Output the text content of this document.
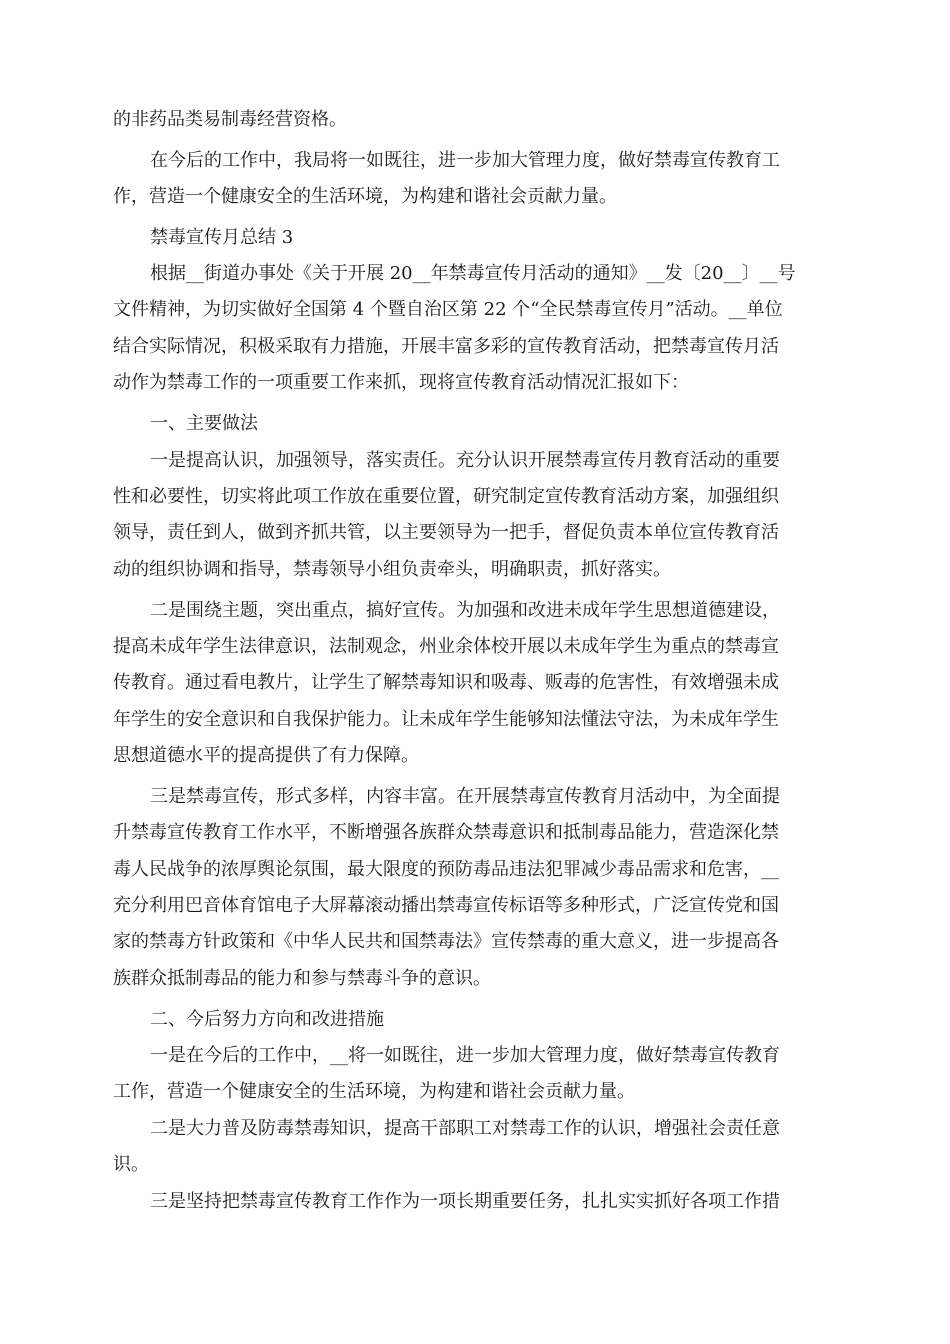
的非药品类易制毒经营资格。
在今后的工作中，我局将一如既往，进一步加大管理力度，做好禁毒宣传教育工
作，营造一个健康安全的生活环境，为构建和谐社会贡献力量。
禁毒宣传月总结 3
根据__街道办事处《关于开展 20__年禁毒宣传月活动的通知》__发〔20__〕__号
文件精神，为切实做好全国第 4 个暨自治区第 22 个“全民禁毒宣传月”活动。__单位
结合实际情况，积极采取有力措施，开展丰富多彩的宣传教育活动，把禁毒宣传月活
动作为禁毒工作的一项重要工作来抓，现将宣传教育活动情况汇报如下：
一、主要做法
一是提高认识，加强领导，落实责任。充分认识开展禁毒宣传月教育活动的重要
性和必要性，切实将此项工作放在重要位置，研究制定宣传教育活动方案，加强组织
领导，责任到人，做到齐抓共管，以主要领导为一把手，督促负责本单位宣传教育活
动的组织协调和指导，禁毒领导小组负责牵头，明确职责，抓好落实。
二是围绕主题，突出重点，搞好宣传。为加强和改进未成年学生思想道德建设，
提高未成年学生法律意识，法制观念，州业余体校开展以未成年学生为重点的禁毒宣
传教育。通过看电教片，让学生了解禁毒知识和吸毒、贩毒的危害性，有效增强未成
年学生的安全意识和自我保护能力。让未成年学生能够知法懂法守法，为未成年学生
思想道德水平的提高提供了有力保障。
三是禁毒宣传，形式多样，内容丰富。在开展禁毒宣传教育月活动中，为全面提
升禁毒宣传教育工作水平，不断增强各族群众禁毒意识和抵制毒品能力，营造深化禁
毒人民战争的浓厚舆论氛围，最大限度的预防毒品违法犯罪减少毒品需求和危害，__
充分利用巴音体育馆电子大屏幕滚动播出禁毒宣传标语等多种形式，广泛宣传党和国
家的禁毒方针政策和《中华人民共和国禁毒法》宣传禁毒的重大意义，进一步提高各
族群众抵制毒品的能力和参与禁毒斗争的意识。
二、今后努力方向和改进措施
一是在今后的工作中，__将一如既往，进一步加大管理力度，做好禁毒宣传教育
工作，营造一个健康安全的生活环境，为构建和谐社会贡献力量。
二是大力普及防毒禁毒知识，提高干部职工对禁毒工作的认识，增强社会责任意
识。
三是坚持把禁毒宣传教育工作作为一项长期重要任务，扎扎实实抓好各项工作措
